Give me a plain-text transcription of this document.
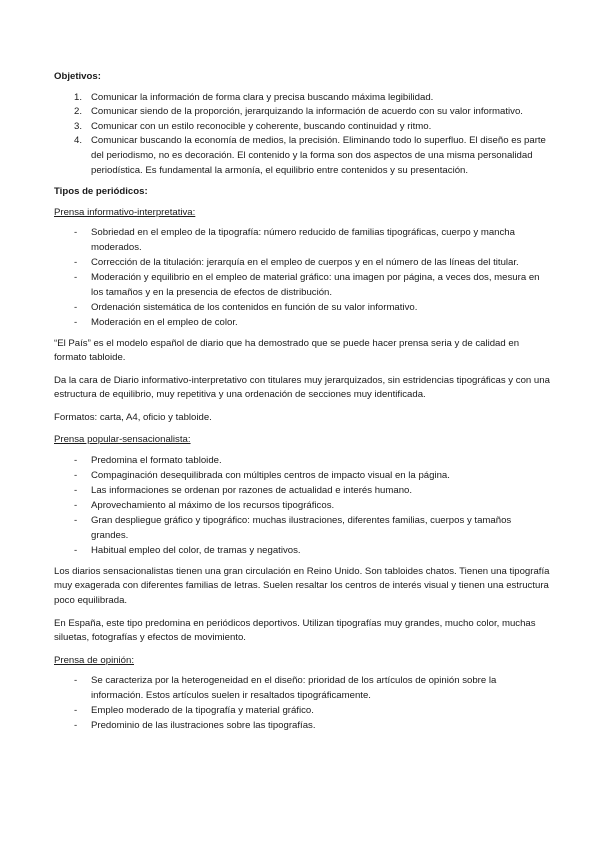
Objetivos:
1. Comunicar la información de forma clara y precisa buscando máxima legibilidad.
2. Comunicar siendo de la proporción, jerarquizando la información de acuerdo con su valor informativo.
3. Comunicar con un estilo reconocible y coherente, buscando continuidad y ritmo.
4. Comunicar buscando la economía de medios, la precisión. Eliminando todo lo superfluo. El diseño es parte del periodismo, no es decoración. El contenido y la forma son dos aspectos de una misma personalidad periodística. Es fundamental la armonía, el equilibrio entre contenidos y su presentación.
Tipos de periódicos:
Prensa informativo-interpretativa:
- Sobriedad en el empleo de la tipografía: número reducido de familias tipográficas, cuerpo y mancha moderados.
- Corrección de la titulación: jerarquía en el empleo de cuerpos y en el número de las líneas del titular.
- Moderación y equilibrio en el empleo de material gráfico: una imagen por página, a veces dos, mesura en los tamaños y en la presencia de efectos de distribución.
- Ordenación sistemática de los contenidos en función de su valor informativo.
- Moderación en el empleo de color.

“El País” es el modelo español de diario que ha demostrado que se puede hacer prensa seria y de calidad en formato tabloide.

Da la cara de Diario informativo-interpretativo con titulares muy jerarquizados, sin estridencias tipográficas y con una estructura de equilibrio, muy repetitiva y una ordenación de secciones muy identificada.

Formatos: carta, A4, oficio y tabloide.

Prensa popular-sensacionalista:
- Predomina el formato tabloide.
- Compaginación desequilibrada con múltiples centros de impacto visual en la página.
- Las informaciones se ordenan por razones de actualidad e interés humano.
- Aprovechamiento al máximo de los recursos tipográficos.
- Gran despliegue gráfico y tipográfico: muchas ilustraciones, diferentes familias, cuerpos y tamaños grandes.
- Habitual empleo del color, de tramas y negativos.

Los diarios sensacionalistas tienen una gran circulación en Reino Unido. Son tabloides chatos. Tienen una tipografía muy exagerada con diferentes familias de letras. Suelen resaltar los centros de interés visual y tienen una estructura poco equilibrada.

En España, este tipo predomina en periódicos deportivos. Utilizan tipografías muy grandes, mucho color, muchas siluetas, fotografías y efectos de movimiento.

Prensa de opinión:
- Se caracteriza por la heterogeneidad en el diseño: prioridad de los artículos de opinión sobre la información. Estos artículos suelen ir resaltados tipográficamente.
- Empleo moderado de la tipografía y material gráfico.
- Predominio de las ilustraciones sobre las tipografías.
